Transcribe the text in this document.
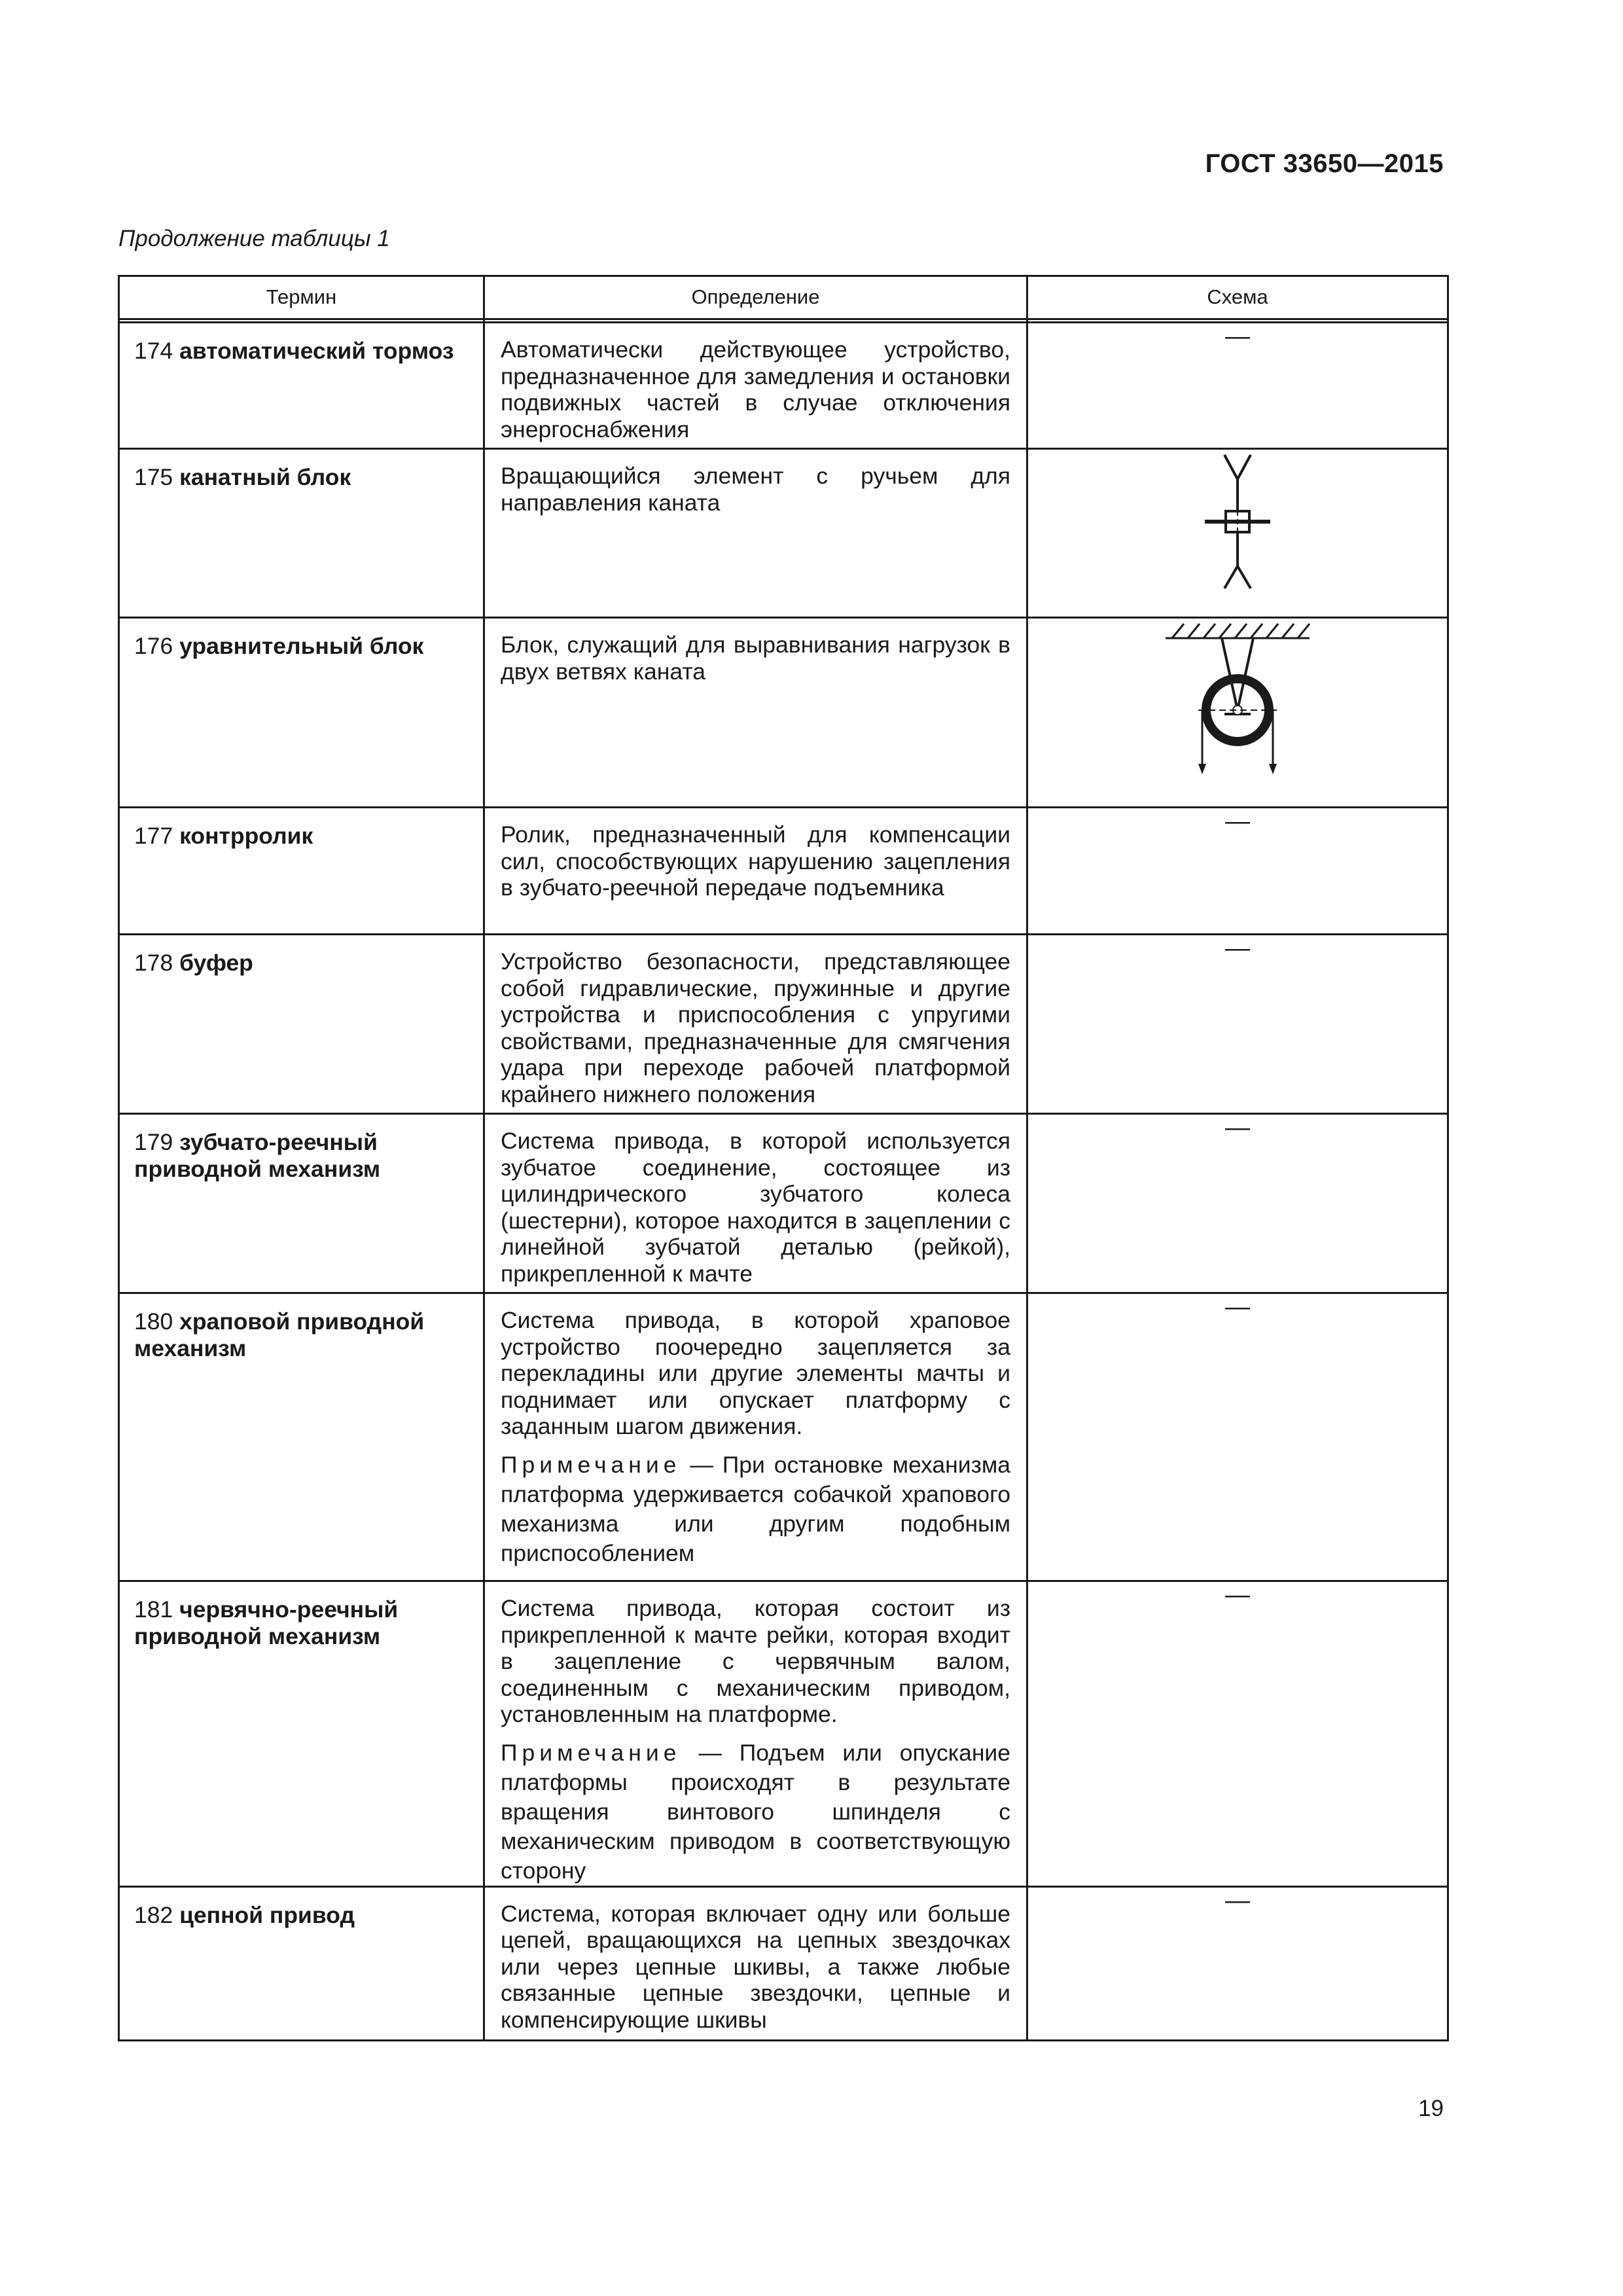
ГОСТ 33650—2015
Продолжение таблицы 1
Термин	Определение	Схема

174 автоматический тормоз	Автоматически действующее устройство, предназначенное для замедления и остановки подвижных частей в случае отключения энергоснабжения	—
175 канатный блок	Вращающийся элемент с ручьем для направления каната	

176 уравнительный блок	Блок, служащий для выравнивания нагрузок в двух ветвях каната	

177 контрролик	Ролик, предназначенный для компенсации сил, способствующих нарушению зацепления в зубчато-реечной передаче подъемника	—
178 буфер	Устройство безопасности, представляющее собой гидравлические, пружинные и другие устройства и приспособления с упругими свойствами, предназначенные для смягчения удара при переходе рабочей платформой крайнего нижнего положения	—
179 зубчато-реечный приводной механизм	Система привода, в которой используется зубчатое соединение, состоящее из цилиндрического зубчатого колеса (шестерни), которое находится в зацеплении с линейной зубчатой деталью (рейкой), прикрепленной к мачте	—
180 храповой приводной механизм	Система привода, в которой храповое устройство поочередно зацепляется за перекладины или другие элементы мачты и поднимает или опускает платформу с заданным шагом движения.
Примечание — При остановке механизма платформа удерживается собачкой храпового механизма или другим подобным приспособлением	—
181 червячно-реечный приводной механизм	Система привода, которая состоит из прикрепленной к мачте рейки, которая входит в зацепление с червячным валом, соединенным с механическим приводом, установленным на платформе.
Примечание — Подъем или опускание платформы происходят в результате вращения винтового шпинделя с механическим приводом в соответствующую сторону	—
182 цепной привод	Система, которая включает одну или больше цепей, вращающихся на цепных звездочках или через цепные шкивы, а также любые связанные цепные звездочки, цепные и компенсирующие шкивы	—
19
